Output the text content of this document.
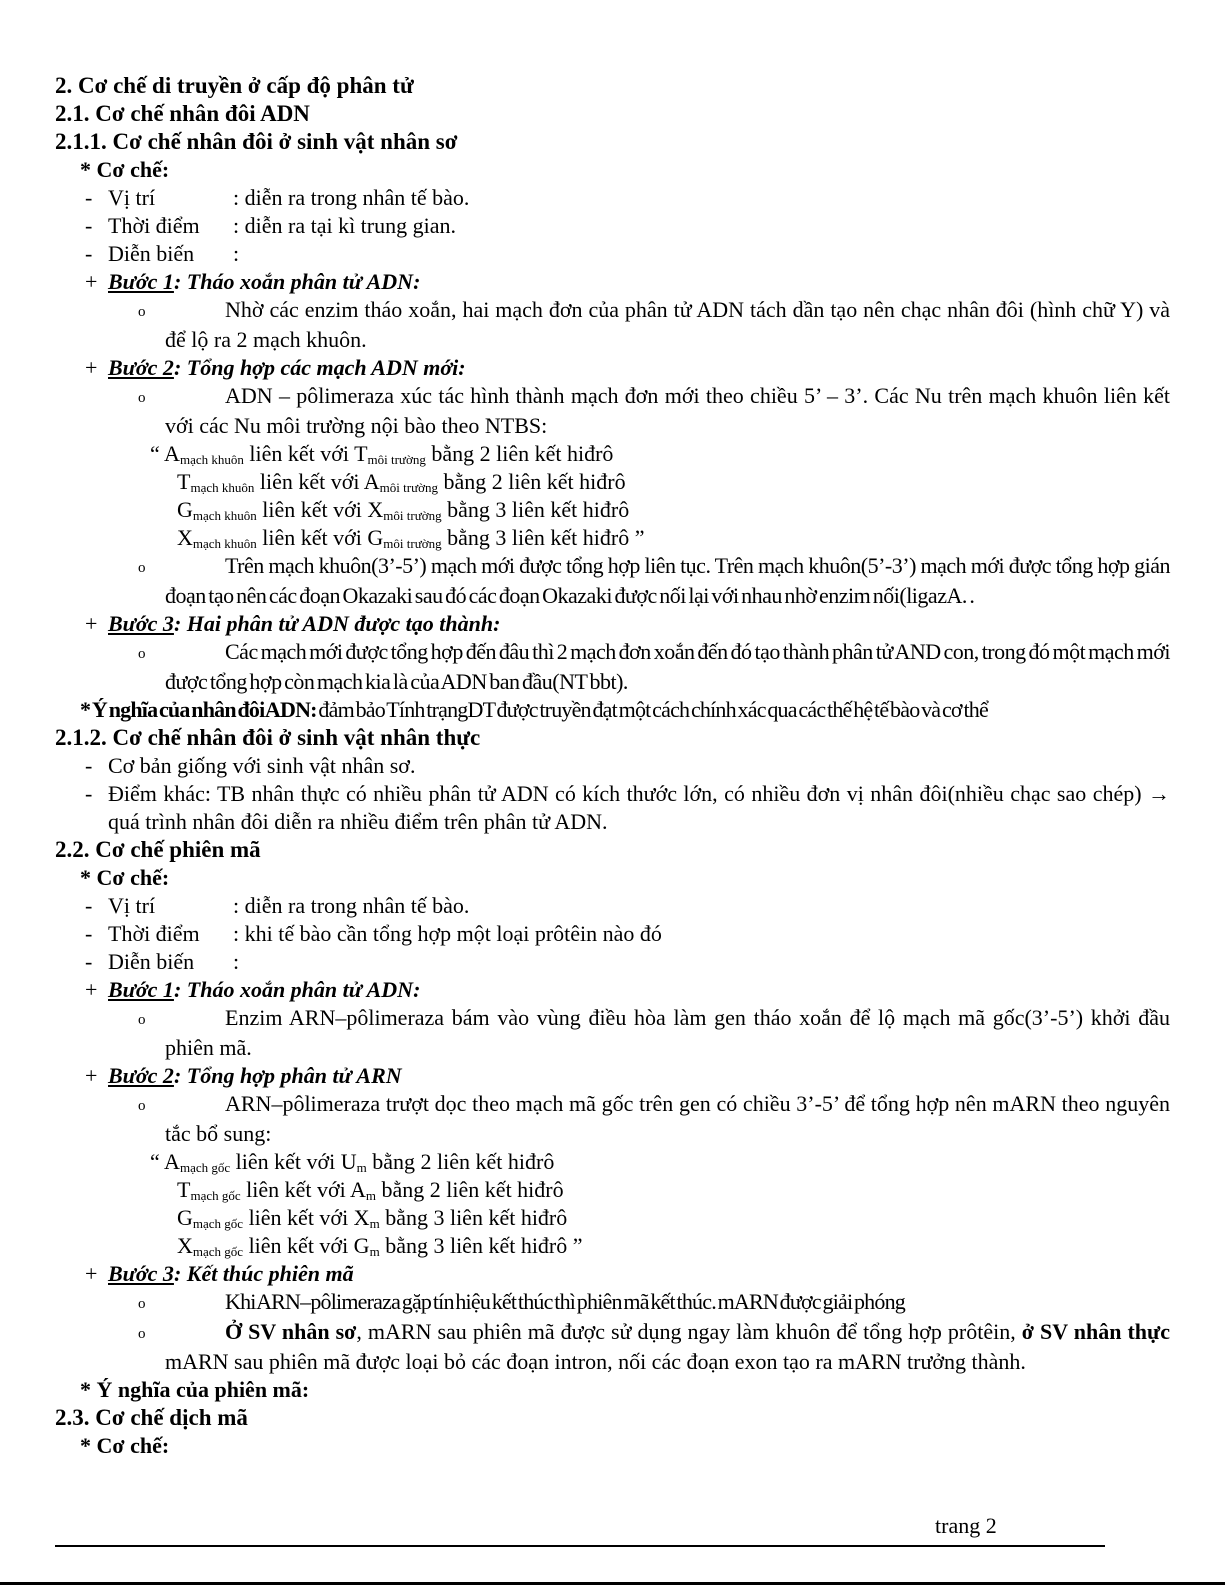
2. Cơ chế di truyền ở cấp độ phân tử
2.1. Cơ chế nhân đôi ADN
2.1.1. Cơ chế nhân đôi ở sinh vật nhân sơ
* Cơ chế:
- Vị trí	: diễn ra trong nhân tế bào.
- Thời điểm : diễn ra tại kì trung gian.
- Diễn biến :
+ Bước 1: Tháo xoắn phân tử ADN:
o	Nhờ các enzim tháo xoắn, hai mạch đơn của phân tử ADN tách dần tạo nên chạc nhân đôi (hình chữ Y) và để lộ ra 2 mạch khuôn.
+ Bước 2: Tổng hợp các mạch ADN mới:
o	ADN – pôlimeraza xúc tác hình thành mạch đơn mới theo chiều 5’ – 3’. Các Nu trên mạch khuôn liên kết với các Nu môi trường nội bào theo NTBS:
“ $A_{mạch khuôn}$ liên kết với $T_{môi trường}$ bằng 2 liên kết hiđrô
$T_{mạch khuôn}$ liên kết với $A_{môi trường}$ bằng 2 liên kết hiđrô
$G_{mạch khuôn}$ liên kết với $X_{môi trường}$ bằng 3 liên kết hiđrô
$X_{mạch khuôn}$ liên kết với $G_{môi trường}$ bằng 3 liên kết hiđrô ”
o	Trên mạch khuôn(3’-5’) mạch mới được tổng hợp liên tục. Trên mạch khuôn(5’-3’) mạch mới được tổng hợp gián đoạn tạo nên các đoạn Okazaki sau đó các đoạn Okazaki được nối lại với nhau nhờ enzim nối(ligazA. .
+ Bước 3: Hai phân tử ADN được tạo thành:
o	Các mạch mới được tổng hợp đến đâu thì 2 mạch đơn xoắn đến đó tạo thành phân tử AND con, trong đó một mạch mới được tổng hợp còn mạch kia là của ADN ban đầu(NT bbt).
* Ý nghĩa của nhân đôi ADN: đảm bảo Tính trạngDT được truyền đạt một cách chính xác qua các thế hệ tế bào và cơ thể
2.1.2. Cơ chế nhân đôi ở sinh vật nhân thực
- Cơ bản giống với sinh vật nhân sơ.
- Điểm khác: TB nhân thực có nhiều phân tử ADN có kích thước lớn, có nhiều đơn vị nhân đôi(nhiều chạc sao chép) → quá trình nhân đôi diễn ra nhiều điểm trên phân tử ADN.
2.2. Cơ chế phiên mã
* Cơ chế:
- Vị trí	: diễn ra trong nhân tế bào.
- Thời điểm : khi tế bào cần tổng hợp một loại prôtêin nào đó
- Diễn biến :
+ Bước 1: Tháo xoắn phân tử ADN:
o	Enzim ARN–pôlimeraza bám vào vùng điều hòa làm gen tháo xoắn để lộ mạch mã gốc(3’-5’) khởi đầu phiên mã.
+ Bước 2: Tổng hợp phân tử ARN
o	ARN–pôlimeraza trượt dọc theo mạch mã gốc trên gen có chiều 3’-5’ để tổng hợp nên mARN theo nguyên tắc bổ sung:
“ $A_{mạch gốc}$ liên kết với $U_m$ bằng 2 liên kết hiđrô
$T_{mạch gốc}$ liên kết với $A_m$ bằng 2 liên kết hiđrô
$G_{mạch gốc}$ liên kết với $X_m$ bằng 3 liên kết hiđrô
$X_{mạch gốc}$ liên kết với $G_m$ bằng 3 liên kết hiđrô ”
+ Bước 3: Kết thúc phiên mã
o	Khi ARN–pôlimeraza gặp tín hiệu kết thúc thì phiên mã kết thúc. mARN được giải phóng
o	Ở SV nhân sơ, mARN sau phiên mã được sử dụng ngay làm khuôn để tổng hợp prôtêin, ở SV nhân thực mARN sau phiên mã được loại bỏ các đoạn intron, nối các đoạn exon tạo ra mARN trưởng thành.
* Ý nghĩa của phiên mã:
2.3. Cơ chế dịch mã
* Cơ chế:
trang 2
